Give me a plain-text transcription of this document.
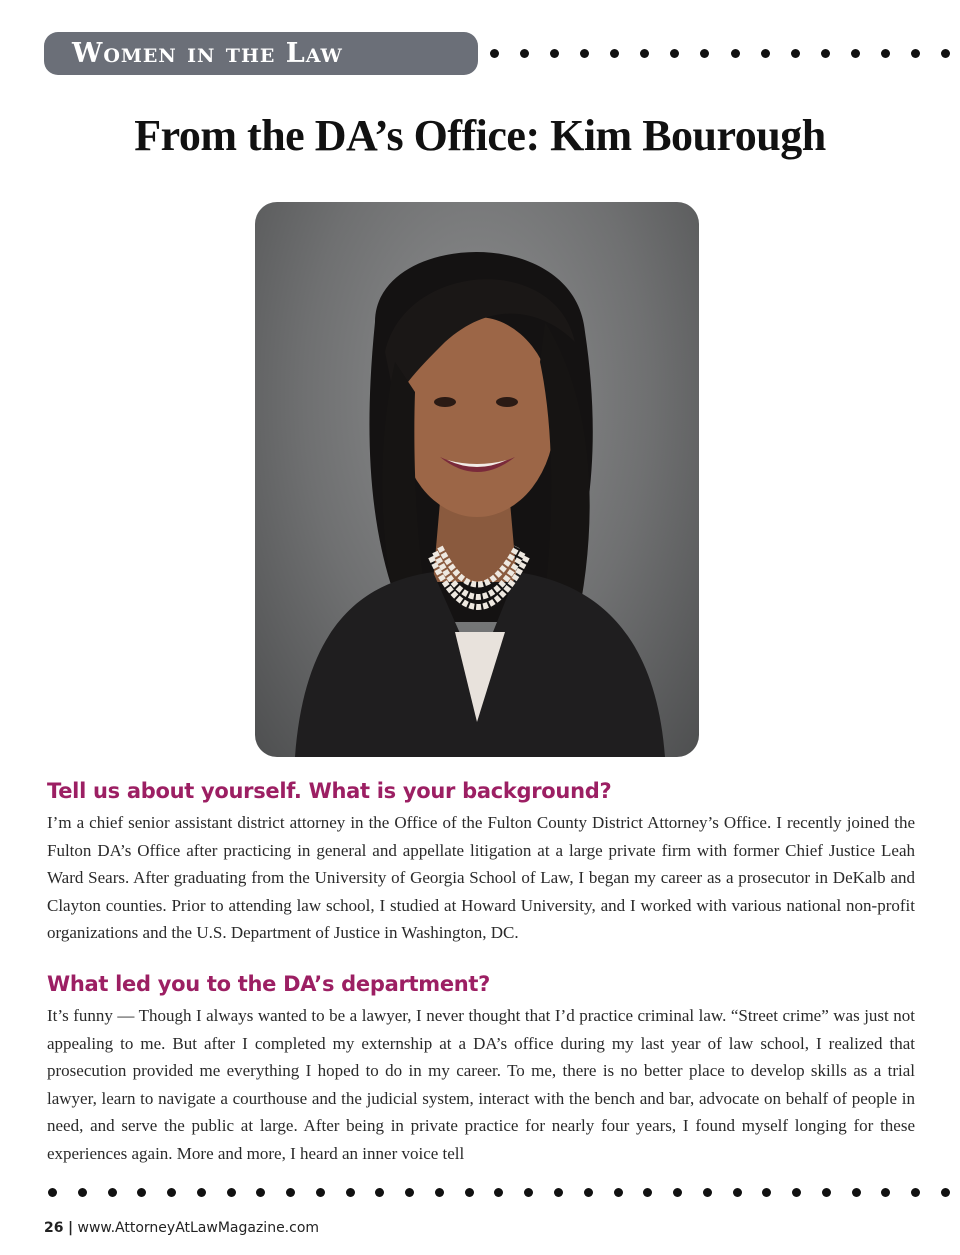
Women in the Law
From the DA’s Office: Kim Bourough
Tell us about yourself. What is your background?

I’m a chief senior assistant district attorney in the Office of the Fulton County District Attorney’s Office. I recently joined the Fulton DA’s Office after practicing in general and appellate litigation at a large private firm with former Chief Justice Leah Ward Sears. After graduating from the University of Georgia School of Law, I began my career as a prosecutor in DeKalb and Clayton counties. Prior to attending law school, I studied at Howard University, and I worked with various national non-profit organizations and the U.S. Department of Justice in Washington, DC.

What led you to the DA’s department?

It’s funny — Though I always wanted to be a lawyer, I never thought that I’d practice criminal law. “Street crime” was just not appealing to me. But after I completed my externship at a DA’s office during my last year of law school, I realized that prosecution provided me everything I hoped to do in my career. To me, there is no better place to develop skills as a trial lawyer, learn to navigate a courthouse and the judicial system, interact with the bench and bar, advocate on behalf of people in need, and serve the public at large. After being in private practice for nearly four years, I found myself longing for these experiences again. More and more, I heard an inner voice tell

26 | www.AttorneyAtLawMagazine.com
